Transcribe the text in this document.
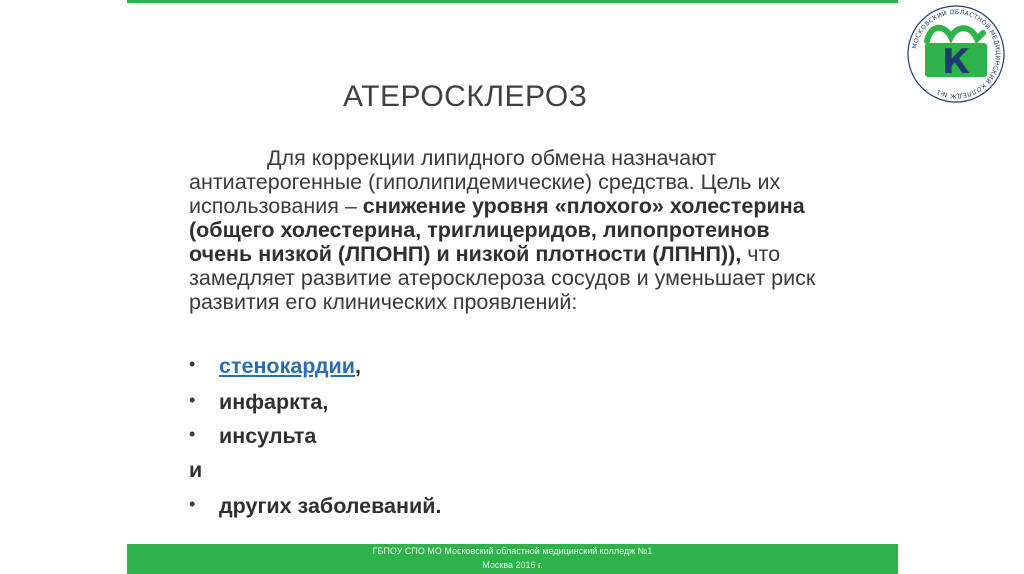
МОСКОВСКИЙ ОБЛАСТНОЙ МЕДИЦИНСКИЙ КОЛЛЕДЖ №1
К
АТЕРОСКЛЕРОЗ
Для коррекции липидного обмена назначают антиатерогенные (гиполипидемические) средства. Цель их использования – снижение уровня «плохого» холестерина (общего холестерина, триглицеридов, липопротеинов очень низкой (ЛПОНП) и низкой плотности (ЛПНП)), что замедляет развитие атеросклероза сосудов и уменьшает риск развития его клинических проявлений:
• стенокардии,
• инфаркта,
• инсульта
и
• других заболеваний.
ГБПОУ СПО МО Московский областной медицинский колледж №1
Москва 2016 г.
